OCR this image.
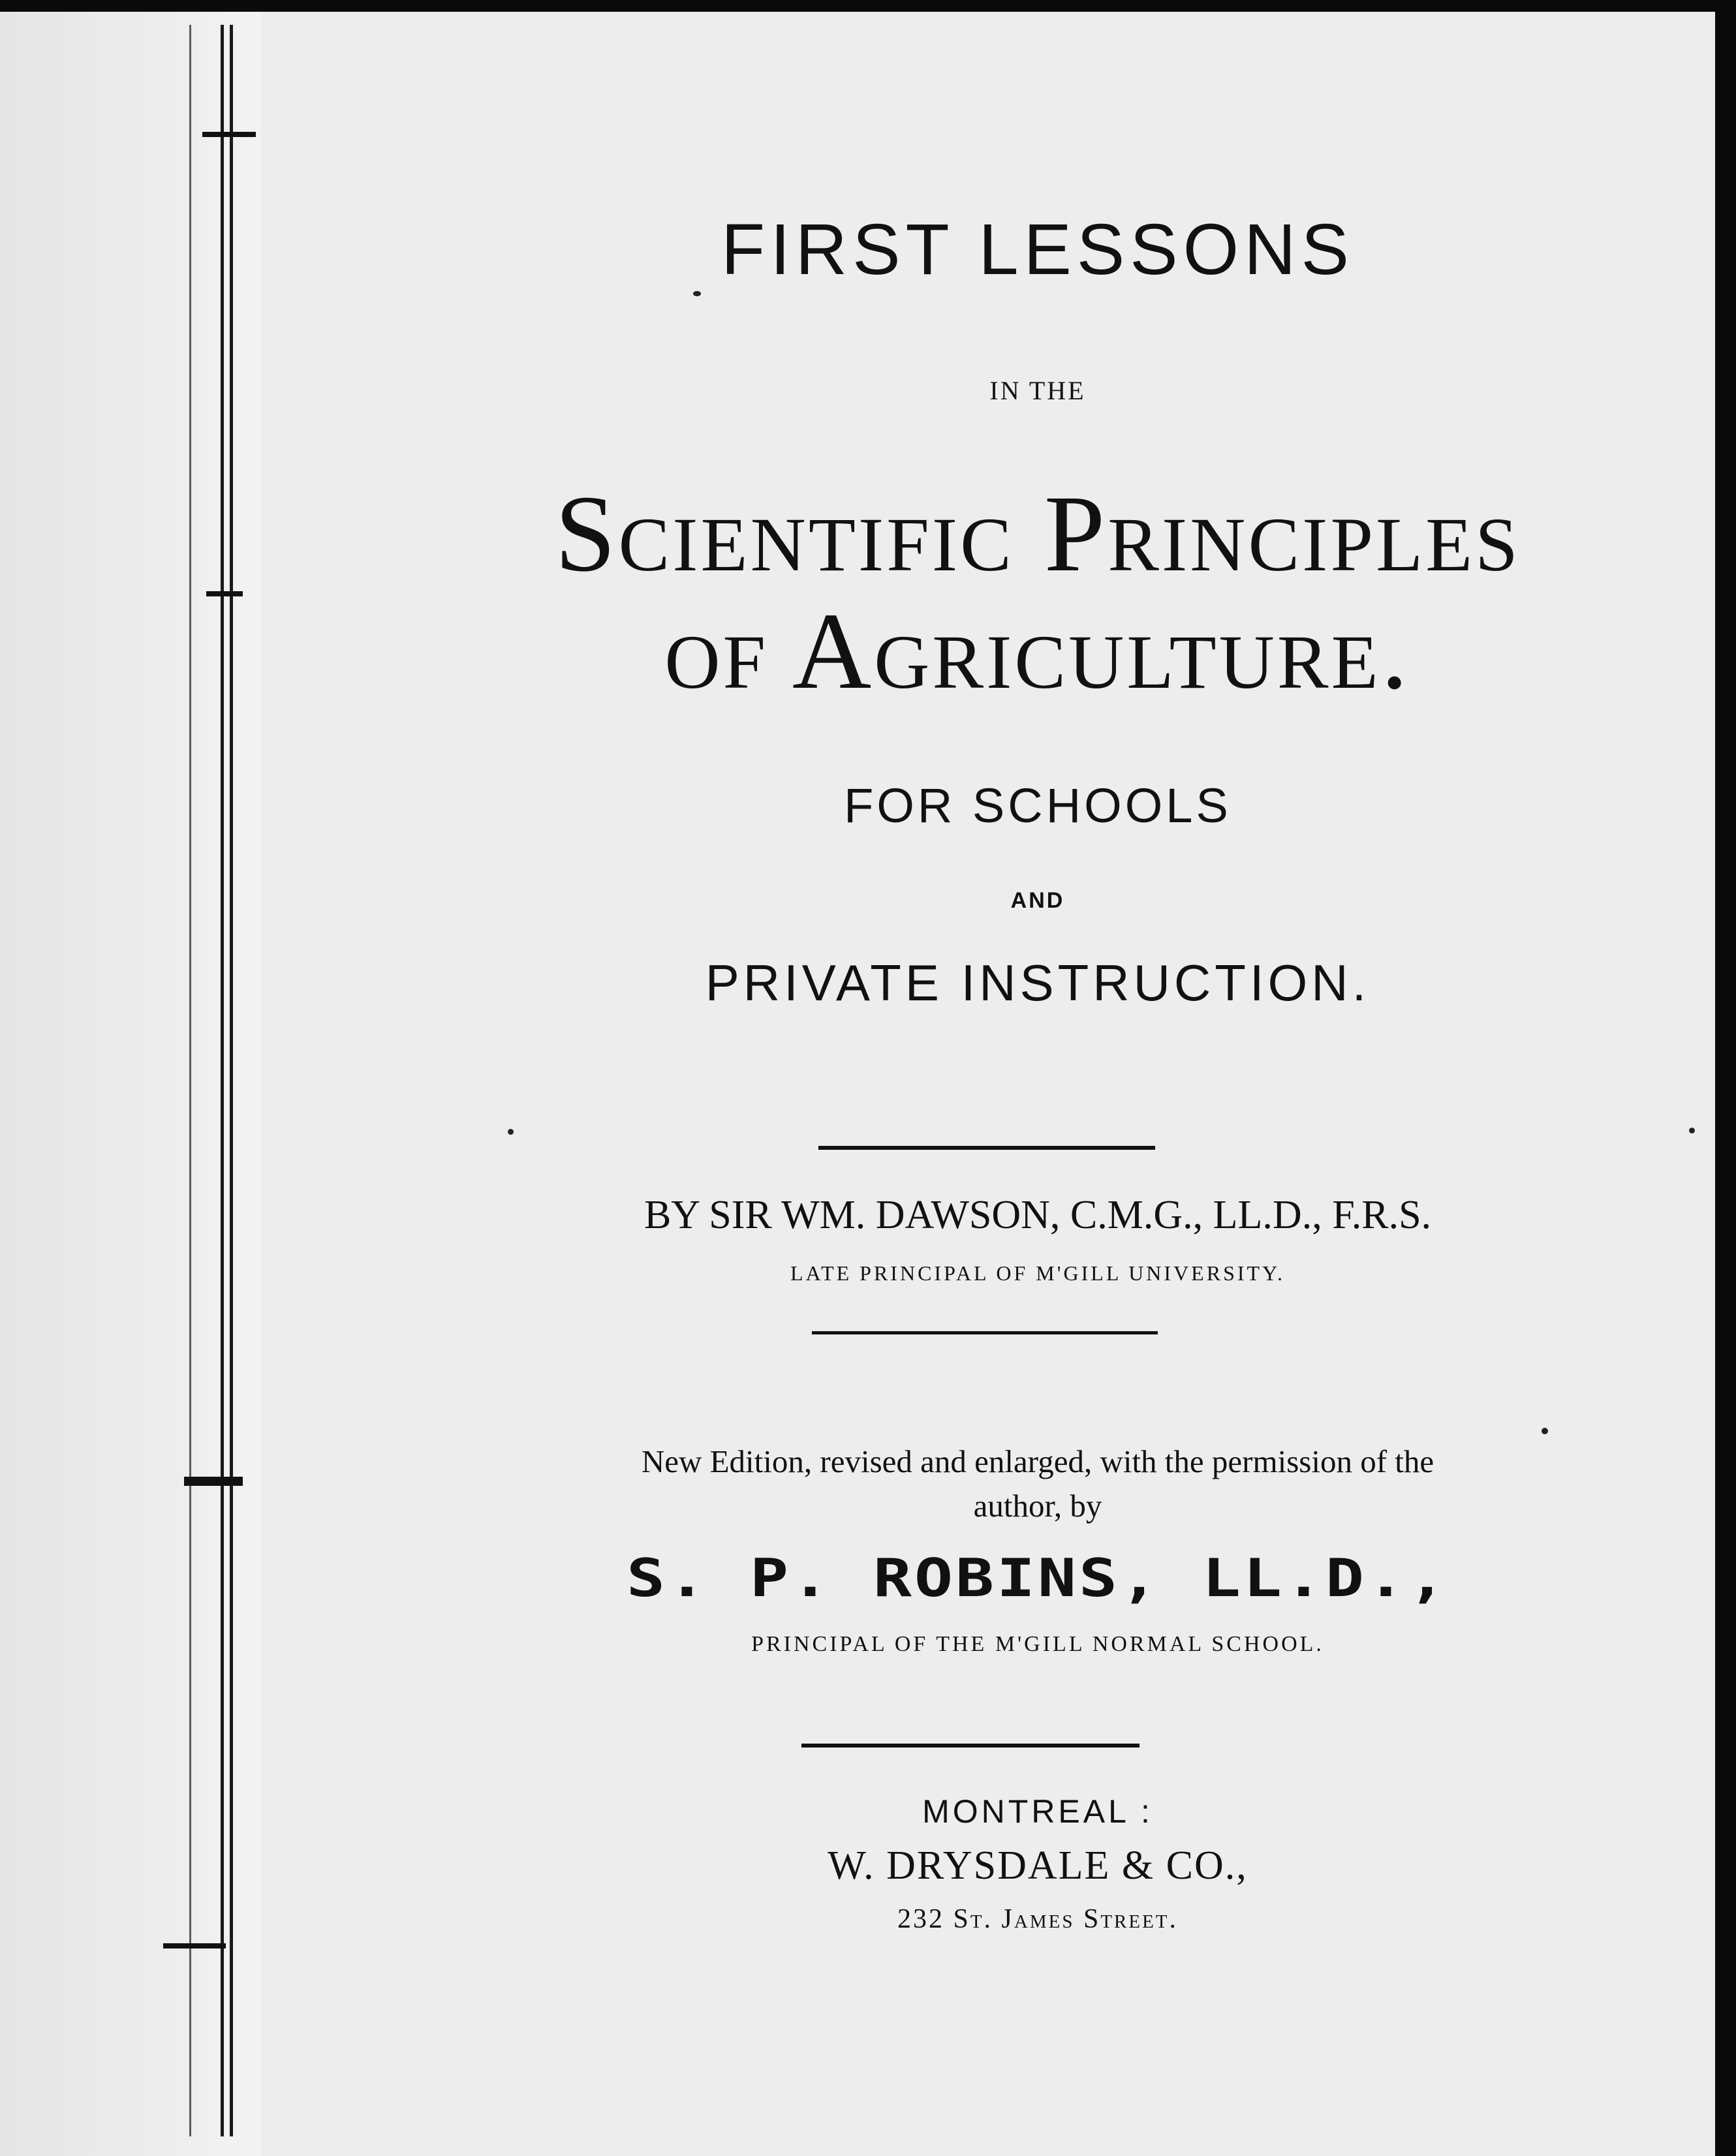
FIRST LESSONS
IN THE
Scientific Principles
of Agriculture.
FOR SCHOOLS
AND
PRIVATE INSTRUCTION.
BY SIR WM. DAWSON, C.M.G., LL.D., F.R.S.
LATE PRINCIPAL OF M'GILL UNIVERSITY.
New Edition, revised and enlarged, with the permission of the
author, by
S. P. ROBINS, LL.D.,
PRINCIPAL OF THE M'GILL NORMAL SCHOOL.
MONTREAL :
W. DRYSDALE & CO.,
232 St. James Street.
